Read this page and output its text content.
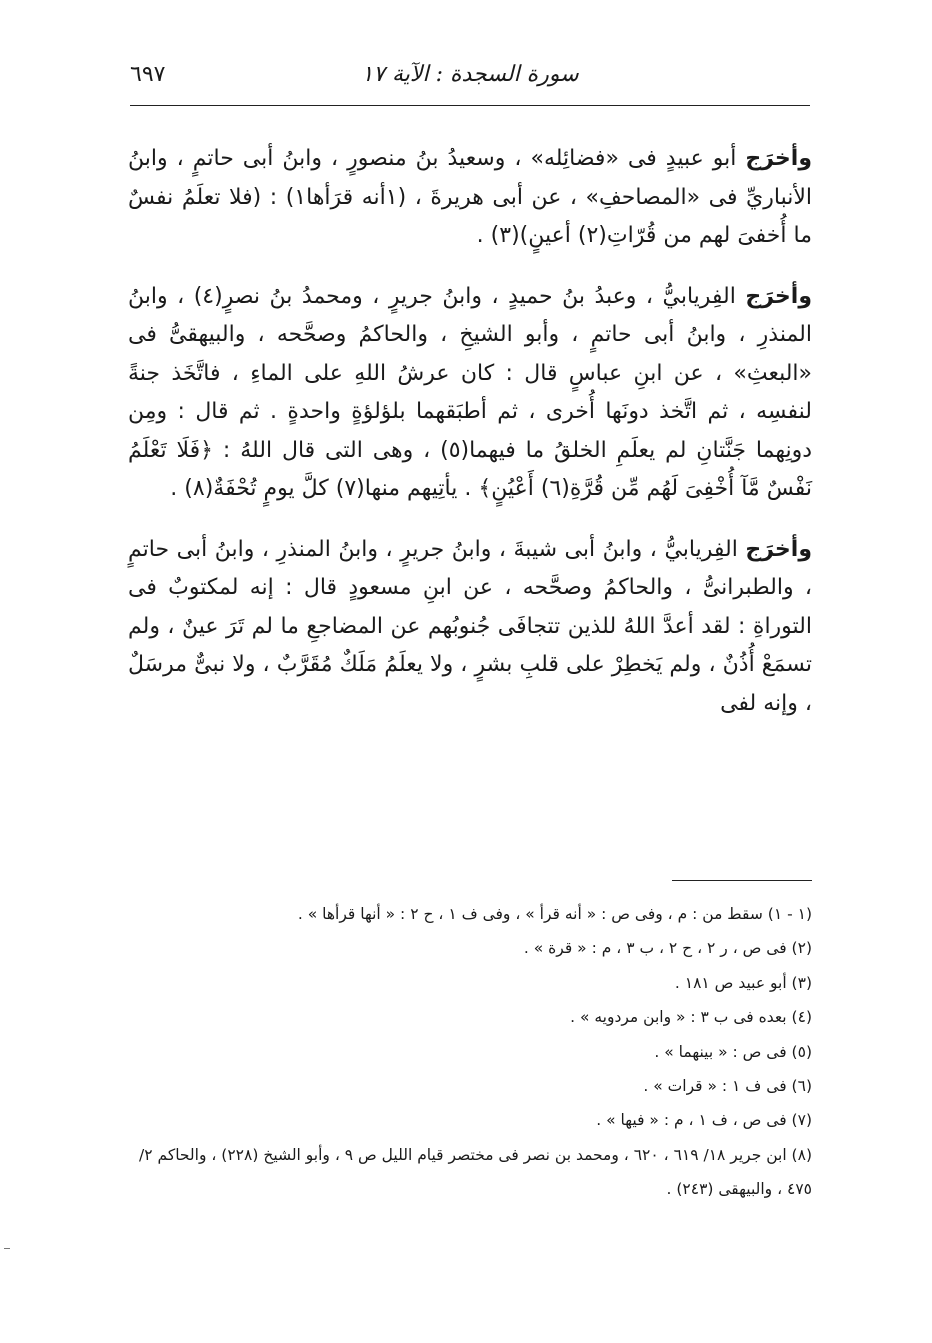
٦٩٧	سورة السجدة : الآية ١٧

وأخرَج أبو عبيدٍ فى «فضائِله» ، وسعيدُ بنُ منصورٍ ، وابنُ أبى حاتمٍ ، وابنُ الأنباريِّ فى «المصاحفِ» ، عن أبى هريرةَ ، (١أنه قرَأها١) : (فلا تعلَمُ نفسٌ ما أُخفىَ لهم من قُرّاتِ(٢) أعينٍ)(٣) .

وأخرَج الفِريابيُّ ، وعبدُ بنُ حميدٍ ، وابنُ جريرٍ ، ومحمدُ بنُ نصرٍ(٤) ، وابنُ المنذرِ ، وابنُ أبى حاتمٍ ، وأبو الشيخِ ، والحاكمُ وصحَّحه ، والبيهقىُّ فى «البعثِ» ، عن ابنِ عباسٍ قال : كان عرشُ اللهِ على الماءِ ، فاتَّخَذ جنةً لنفسِه ، ثم اتَّخذ دونَها أُخرى ، ثم أطبَقهما بلؤلؤةٍ واحدةٍ . ثم قال : ومِن دونِهما جَنَّتانِ لم يعلَمِ الخلقُ ما فيهما(٥) ، وهى التى قال اللهُ : ﴿فَلَا تَعْلَمُ نَفْسٌ مَّآ أُخْفِىَ لَهُم مِّن قُرَّةِ(٦) أَعْيُنٍ﴾ . يأتِيهم منها(٧) كلَّ يومٍ تُحْفَةٌ(٨) .

وأخرَج الفِريابيُّ ، وابنُ أبى شيبةَ ، وابنُ جريرٍ ، وابنُ المنذرِ ، وابنُ أبى حاتمٍ ، والطبرانىُّ ، والحاكمُ وصحَّحه ، عن ابنِ مسعودٍ قال : إنه لمكتوبٌ فى التوراةِ : لقد أعدَّ اللهُ للذين تتجافَى جُنوبُهم عن المضاجعِ ما لم تَرَ عينٌ ، ولم تسمَعْ أُذُنٌ ، ولم يَخطِرْ على قلبِ بشرٍ ، ولا يعلَمُ مَلَكٌ مُقَرَّبٌ ، ولا نبىٌّ مرسَلٌ ، وإنه لفى

(١ - ١) سقط من : م ، وفى ص : « أنه قرأ » ، وفى ف ١ ، ح ٢ : « أنها قرأها » .

(٢) فى ص ، ر ٢ ، ح ٢ ، ب ٣ ، م : « قرة » .

(٣) أبو عبيد ص ١٨١ .

(٤) بعده فى ب ٣ : « وابن مردويه » .

(٥) فى ص : « بينهما » .

(٦) فى ف ١ : « قرات » .

(٧) فى ص ، ف ١ ، م : « فيها » .

(٨) ابن جرير ١٨/ ٦١٩ ، ٦٢٠ ، ومحمد بن نصر فى مختصر قيام الليل ص ٩ ، وأبو الشيخ (٢٢٨) ، والحاكم ٢/ ٤٧٥ ، والبيهقى (٢٤٣) .
